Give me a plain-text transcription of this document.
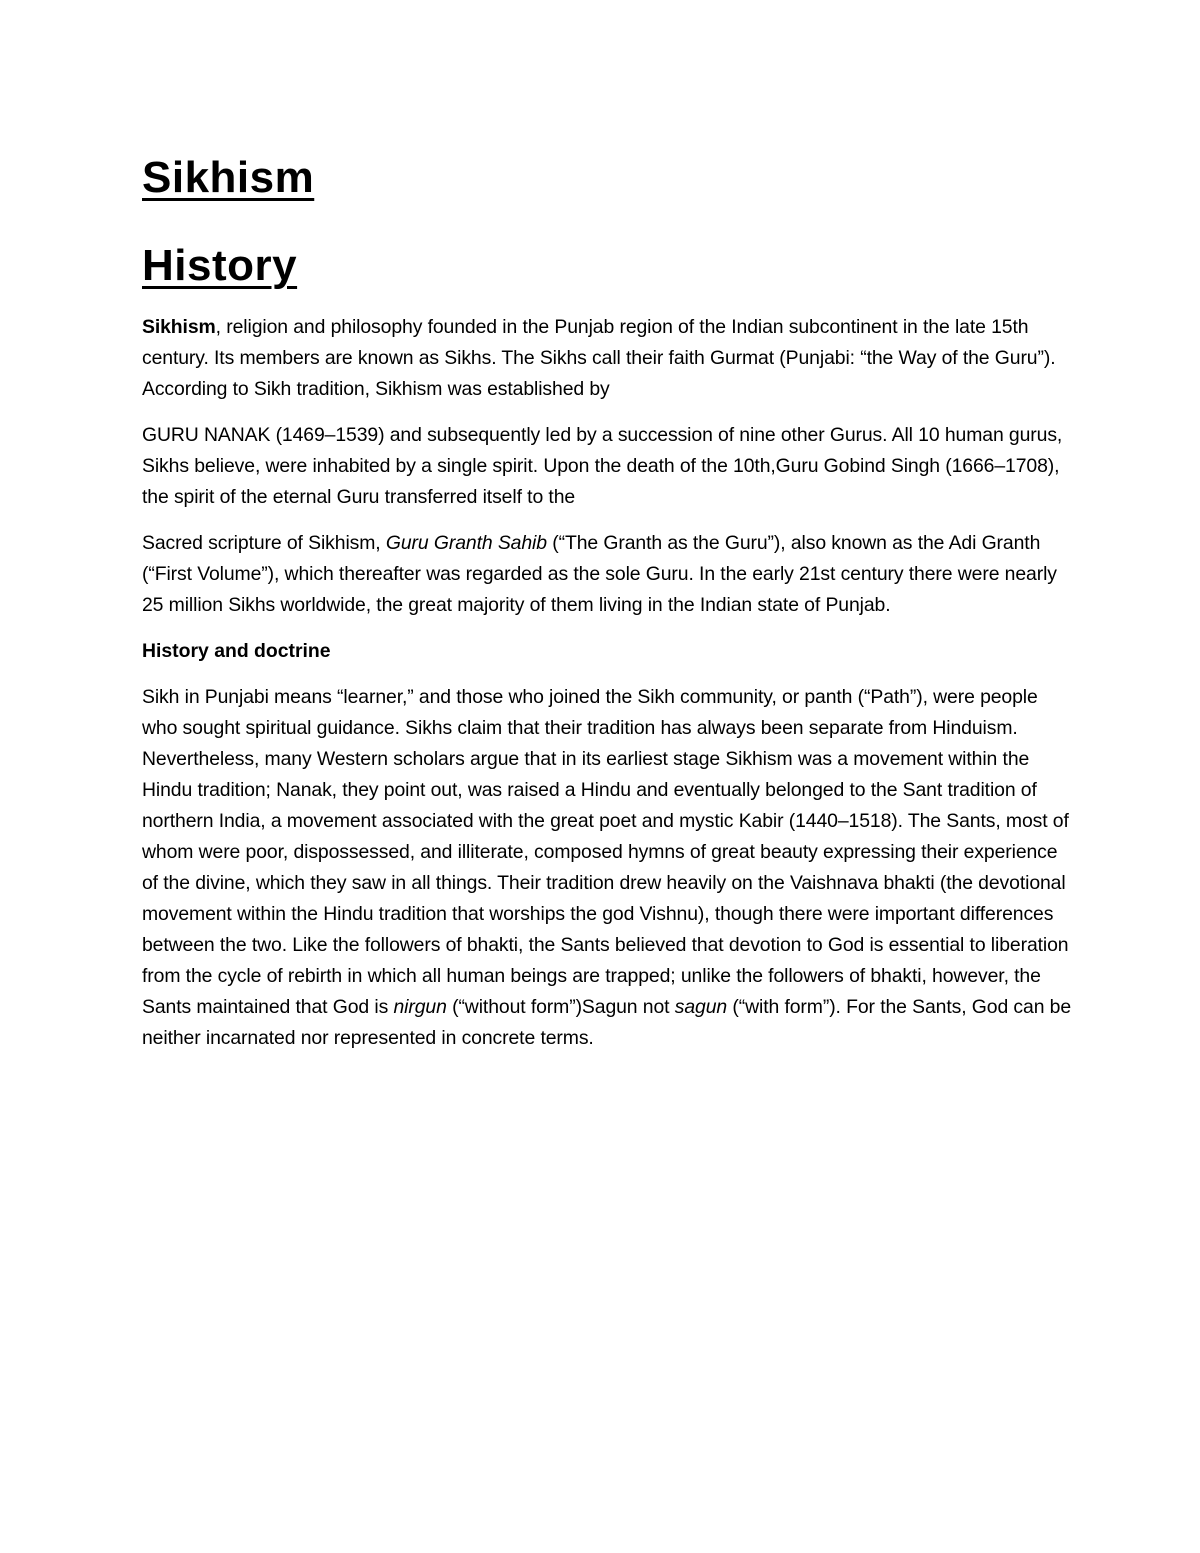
Sikhism
History

Sikhism, religion and philosophy founded in the Punjab region of the Indian subcontinent in the late 15th century. Its members are known as Sikhs. The Sikhs call their faith Gurmat (Punjabi: “the Way of the Guru”). According to Sikh tradition, Sikhism was established by

GURU NANAK (1469–1539) and subsequently led by a succession of nine other Gurus. All 10 human gurus, Sikhs believe, were inhabited by a single spirit. Upon the death of the 10th,Guru Gobind Singh (1666–1708), the spirit of the eternal Guru transferred itself to the

Sacred scripture of Sikhism, Guru Granth Sahib (“The Granth as the Guru”), also known as the Adi Granth (“First Volume”), which thereafter was regarded as the sole Guru. In the early 21st century there were nearly 25 million Sikhs worldwide, the great majority of them living in the Indian state of Punjab.

History and doctrine

Sikh in Punjabi means “learner,” and those who joined the Sikh community, or panth (“Path”), were people who sought spiritual guidance. Sikhs claim that their tradition has always been separate from Hinduism. Nevertheless, many Western scholars argue that in its earliest stage Sikhism was a movement within the Hindu tradition; Nanak, they point out, was raised a Hindu and eventually belonged to the Sant tradition of northern India, a movement associated with the great poet and mystic Kabir (1440–1518). The Sants, most of whom were poor, dispossessed, and illiterate, composed hymns of great beauty expressing their experience of the divine, which they saw in all things. Their tradition drew heavily on the Vaishnava bhakti (the devotional movement within the Hindu tradition that worships the god Vishnu), though there were important differences between the two. Like the followers of bhakti, the Sants believed that devotion to God is essential to liberation from the cycle of rebirth in which all human beings are trapped; unlike the followers of bhakti, however, the Sants maintained that God is nirgun (“without form”)Sagun not sagun (“with form”). For the Sants, God can be neither incarnated nor represented in concrete terms.
